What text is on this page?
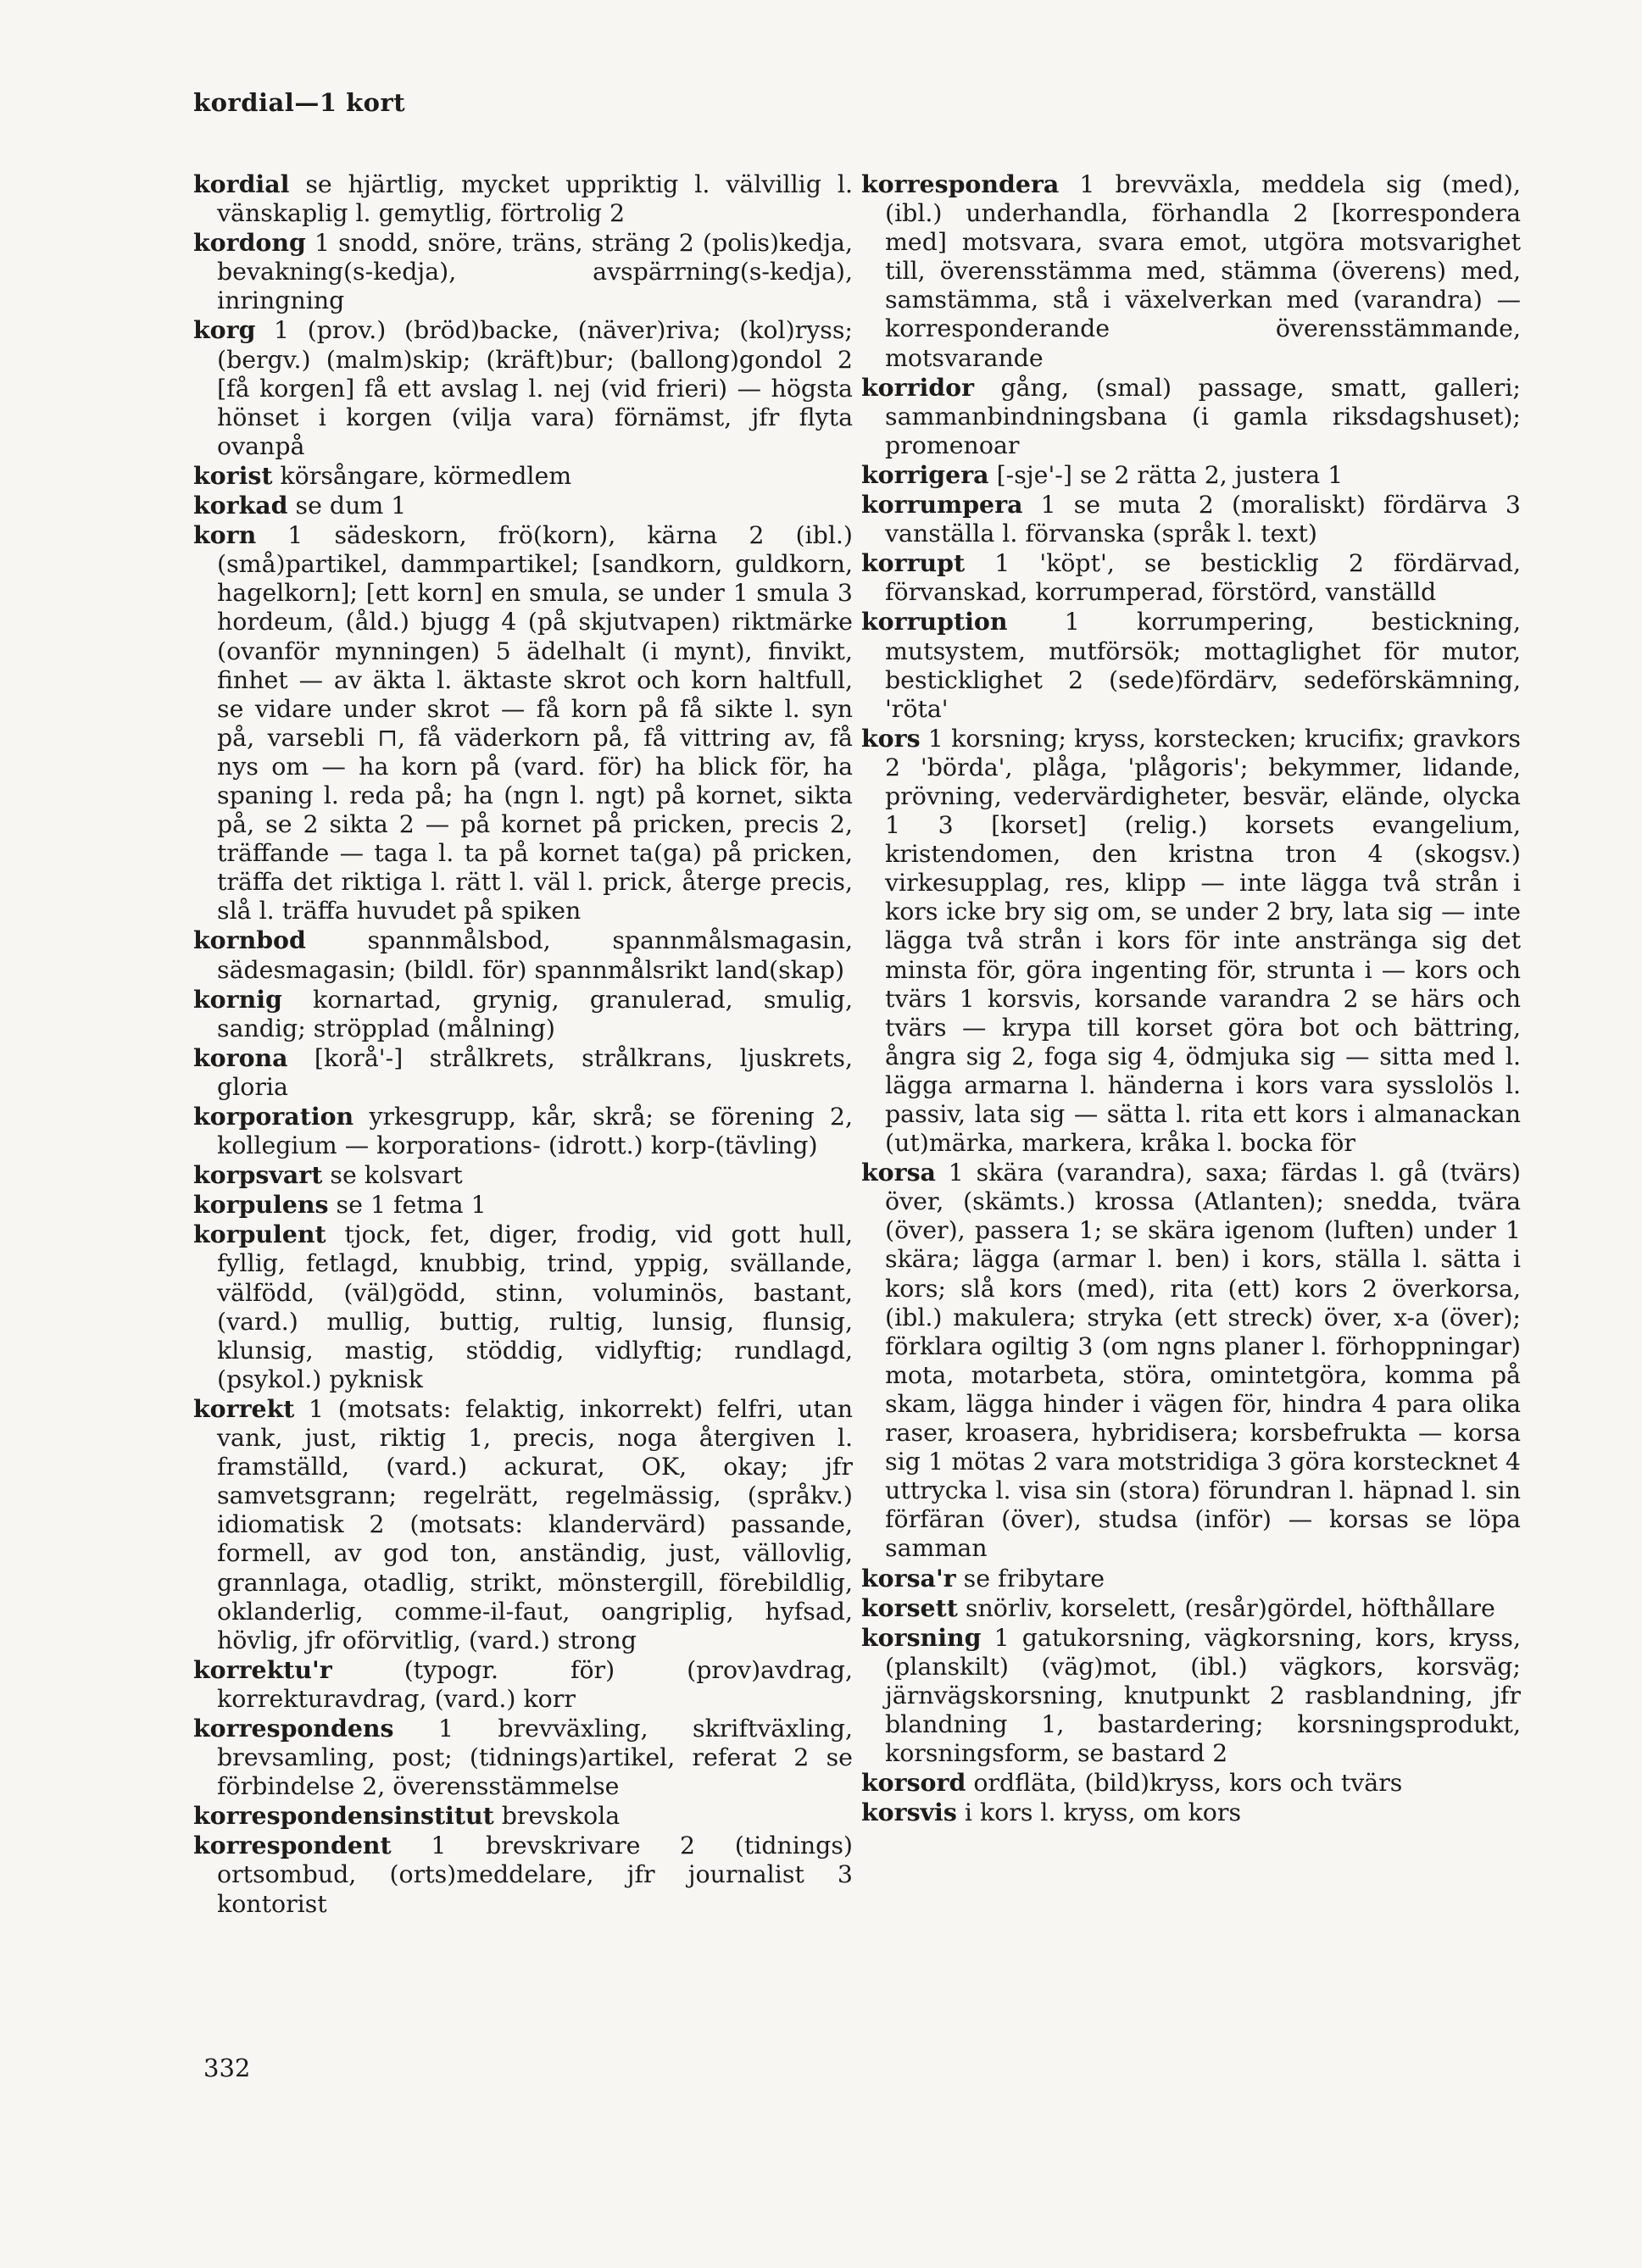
kordial—1 kort

kordial se hjärtlig, mycket uppriktig l. välvillig l. vänskaplig l. gemytlig, förtrolig 2

kordong 1 snodd, snöre, träns, sträng 2 (polis)kedja, bevakning(s-kedja), avspärrning(s-kedja), inringning

korg 1 (prov.) (bröd)backe, (näver)riva; (kol)ryss; (bergv.) (malm)skip; (kräft)bur; (ballong)gondol 2 [få korgen] få ett avslag l. nej (vid frieri) — högsta hönset i korgen (vilja vara) förnämst, jfr flyta ovanpå

korist körsångare, körmedlem

korkad se dum 1

korn 1 sädeskorn, frö(korn), kärna 2 (ibl.) (små)partikel, dammpartikel; [sandkorn, guldkorn, hagelkorn]; [ett korn] en smula, se under 1 smula 3 hordeum, (åld.) bjugg 4 (på skjutvapen) riktmärke (ovanför mynningen) 5 ädelhalt (i mynt), finvikt, finhet — av äkta l. äktaste skrot och korn haltfull, se vidare under skrot — få korn på få sikte l. syn på, varsebli ⊓, få väderkorn på, få vittring av, få nys om — ha korn på (vard. för) ha blick för, ha spaning l. reda på; ha (ngn l. ngt) på kornet, sikta på, se 2 sikta 2 — på kornet på pricken, precis 2, träffande — taga l. ta på kornet ta(ga) på pricken, träffa det riktiga l. rätt l. väl l. prick, återge precis, slå l. träffa huvudet på spiken

kornbod spannmålsbod, spannmålsmagasin, sädesmagasin; (bildl. för) spannmålsrikt land(skap)

kornig kornartad, grynig, granulerad, smulig, sandig; ströpplad (målning)

korona [korå'-] strålkrets, strålkrans, ljuskrets, gloria

korporation yrkesgrupp, kår, skrå; se förening 2, kollegium — korporations- (idrott.) korp-(tävling)

korpsvart se kolsvart

korpulens se 1 fetma 1

korpulent tjock, fet, diger, frodig, vid gott hull, fyllig, fetlagd, knubbig, trind, yppig, svällande, välfödd, (väl)gödd, stinn, voluminös, bastant, (vard.) mullig, buttig, rultig, lunsig, flunsig, klunsig, mastig, stöddig, vidlyftig; rundlagd, (psykol.) pyknisk

korrekt 1 (motsats: felaktig, inkorrekt) felfri, utan vank, just, riktig 1, precis, noga återgiven l. framställd, (vard.) ackurat, OK, okay; jfr samvetsgrann; regelrätt, regelmässig, (språkv.) idiomatisk 2 (motsats: klandervärd) passande, formell, av god ton, anständig, just, vällovlig, grannlaga, otadlig, strikt, mönstergill, förebildlig, oklanderlig, comme-il-faut, oangriplig, hyfsad, hövlig, jfr oförvitlig, (vard.) strong

korrektu'r (typogr. för) (prov)avdrag, korrekturavdrag, (vard.) korr

korrespondens 1 brevväxling, skriftväxling, brevsamling, post; (tidnings)artikel, referat 2 se förbindelse 2, överensstämmelse

korrespondensinstitut brevskola

korrespondent 1 brevskrivare 2 (tidnings) ortsombud, (orts)meddelare, jfr journalist 3 kontorist

korrespondera 1 brevväxla, meddela sig (med), (ibl.) underhandla, förhandla 2 [korrespondera med] motsvara, svara emot, utgöra motsvarighet till, överensstämma med, stämma (överens) med, samstämma, stå i växelverkan med (varandra) — korresponderande överensstämmande, motsvarande

korridor gång, (smal) passage, smatt, galleri; sammanbindningsbana (i gamla riksdagshuset); promenoar

korrigera [-sje'-] se 2 rätta 2, justera 1

korrumpera 1 se muta 2 (moraliskt) fördärva 3 vanställa l. förvanska (språk l. text)

korrupt 1 'köpt', se besticklig 2 fördärvad, förvanskad, korrumperad, förstörd, vanställd

korruption 1 korrumpering, bestickning, mutsystem, mutförsök; mottaglighet för mutor, besticklighet 2 (sede)fördärv, sedeförskämning, 'röta'

kors 1 korsning; kryss, korstecken; krucifix; gravkors 2 'börda', plåga, 'plågoris'; bekymmer, lidande, prövning, vedervärdigheter, besvär, elände, olycka 1 3 [korset] (relig.) korsets evangelium, kristendomen, den kristna tron 4 (skogsv.) virkesupplag, res, klipp — inte lägga två strån i kors icke bry sig om, se under 2 bry, lata sig — inte lägga två strån i kors för inte anstränga sig det minsta för, göra ingenting för, strunta i — kors och tvärs 1 korsvis, korsande varandra 2 se härs och tvärs — krypa till korset göra bot och bättring, ångra sig 2, foga sig 4, ödmjuka sig — sitta med l. lägga armarna l. händerna i kors vara sysslolös l. passiv, lata sig — sätta l. rita ett kors i almanackan (ut)märka, markera, kråka l. bocka för

korsa 1 skära (varandra), saxa; färdas l. gå (tvärs) över, (skämts.) krossa (Atlanten); snedda, tvära (över), passera 1; se skära igenom (luften) under 1 skära; lägga (armar l. ben) i kors, ställa l. sätta i kors; slå kors (med), rita (ett) kors 2 överkorsa, (ibl.) makulera; stryka (ett streck) över, x-a (över); förklara ogiltig 3 (om ngns planer l. förhoppningar) mota, motarbeta, störa, omintetgöra, komma på skam, lägga hinder i vägen för, hindra 4 para olika raser, kroasera, hybridisera; korsbefrukta — korsa sig 1 mötas 2 vara motstridiga 3 göra korstecknet 4 uttrycka l. visa sin (stora) förundran l. häpnad l. sin förfäran (över), studsa (inför) — korsas se löpa samman

korsa'r se fribytare

korsett snörliv, korselett, (resår)gördel, höfthållare

korsning 1 gatukorsning, vägkorsning, kors, kryss, (planskilt) (väg)mot, (ibl.) vägkors, korsväg; järnvägskorsning, knutpunkt 2 rasblandning, jfr blandning 1, bastardering; korsningsprodukt, korsningsform, se bastard 2

korsord ordfläta, (bild)kryss, kors och tvärs

korsvis i kors l. kryss, om kors

332
